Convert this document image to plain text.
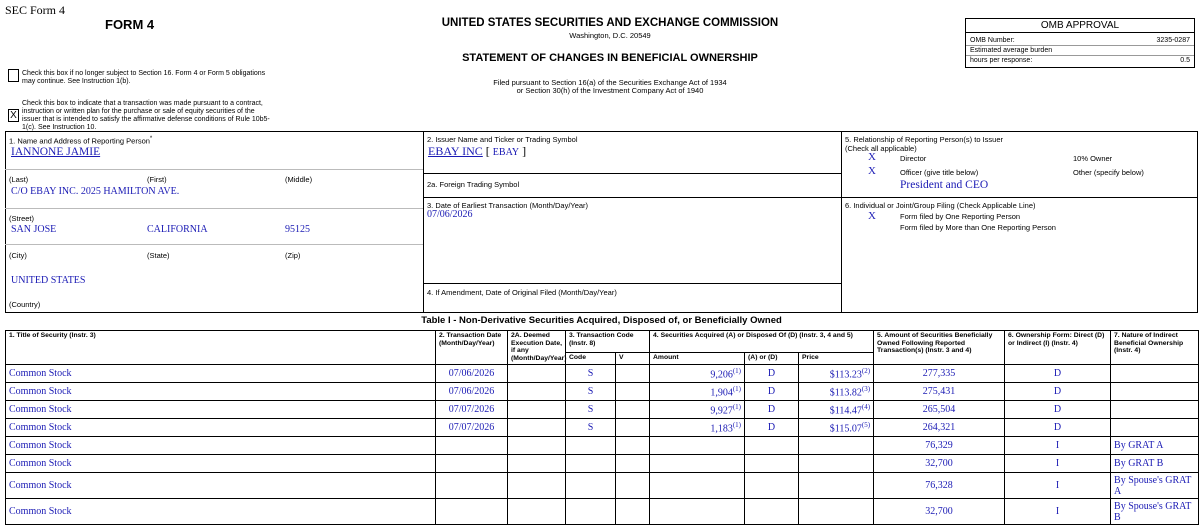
SEC Form 4
FORM 4	UNITED STATES SECURITIES AND EXCHANGE COMMISSION
Washington, D.C. 20549
STATEMENT OF CHANGES IN BENEFICIAL OWNERSHIP
Filed pursuant to Section 16(a) of the Securities Exchange Act of 1934
or Section 30(h) of the Investment Company Act of 1940
OMB APPROVAL
OMB Number:	3235-0287
Estimated average burden
hours per response:	0.5
Check this box if no longer subject to Section 16. Form 4 or Form 5 obligations
may continue. See Instruction 1(b).
X
Check this box to indicate that a transaction was made pursuant to a contract,
instruction or written plan for the purchase or sale of equity securities of the
issuer that is intended to satisfy the affirmative defense conditions of Rule 10b5-
1(c). See Instruction 10.
1. Name and Address of Reporting Person*
IANNONE JAMIE
(Last)	(First)	(Middle)
C/O EBAY INC. 2025 HAMILTON AVE.
(Street)
SAN JOSE	CALIFORNIA	95125
(City)	(State)	(Zip)
UNITED STATES
(Country)
2. Issuer Name and Ticker or Trading Symbol
EBAY INC [ EBAY ]
2a. Foreign Trading Symbol
3. Date of Earliest Transaction (Month/Day/Year)
07/06/2026
4. If Amendment, Date of Original Filed (Month/Day/Year)
5. Relationship of Reporting Person(s) to Issuer
(Check all applicable)
X	Director	10% Owner
X	Officer (give title below)	Other (specify below)
President and CEO
6. Individual or Joint/Group Filing (Check Applicable Line)
X	Form filed by One Reporting Person
Form filed by More than One Reporting Person
Table I - Non-Derivative Securities Acquired, Disposed of, or Beneficially Owned
1. Title of Security (Instr. 3)	2. Transaction Date (Month/Day/Year)	2A. Deemed Execution Date, if any (Month/Day/Year)	3. Transaction Code (Instr. 8)		4. Securities Acquired (A) or Disposed Of (D) (Instr. 3, 4 and 5)			5. Amount of Securities Beneficially Owned Following Reported Transaction(s) (Instr. 3 and 4)	6. Ownership Form: Direct (D) or Indirect (I) (Instr. 4)	7. Nature of Indirect Beneficial Ownership (Instr. 4)
			Code	V	Amount	(A) or (D)	Price			
Common Stock	07/06/2026		S		9,206$^{(1)}$	D	$113.23$^{(2)}$	277,335	D	
Common Stock	07/06/2026		S		1,904$^{(1)}$	D	$113.82$^{(3)}$	275,431	D	
Common Stock	07/07/2026		S		9,927$^{(1)}$	D	$114.47$^{(4)}$	265,504	D	
Common Stock	07/07/2026		S		1,183$^{(1)}$	D	$115.07$^{(5)}$	264,321	D	
Common Stock								76,329	I	By GRAT A
Common Stock								32,700	I	By GRAT B
Common Stock								76,328	I	By Spouse's GRAT A
Common Stock								32,700	I	By Spouse's GRAT B
